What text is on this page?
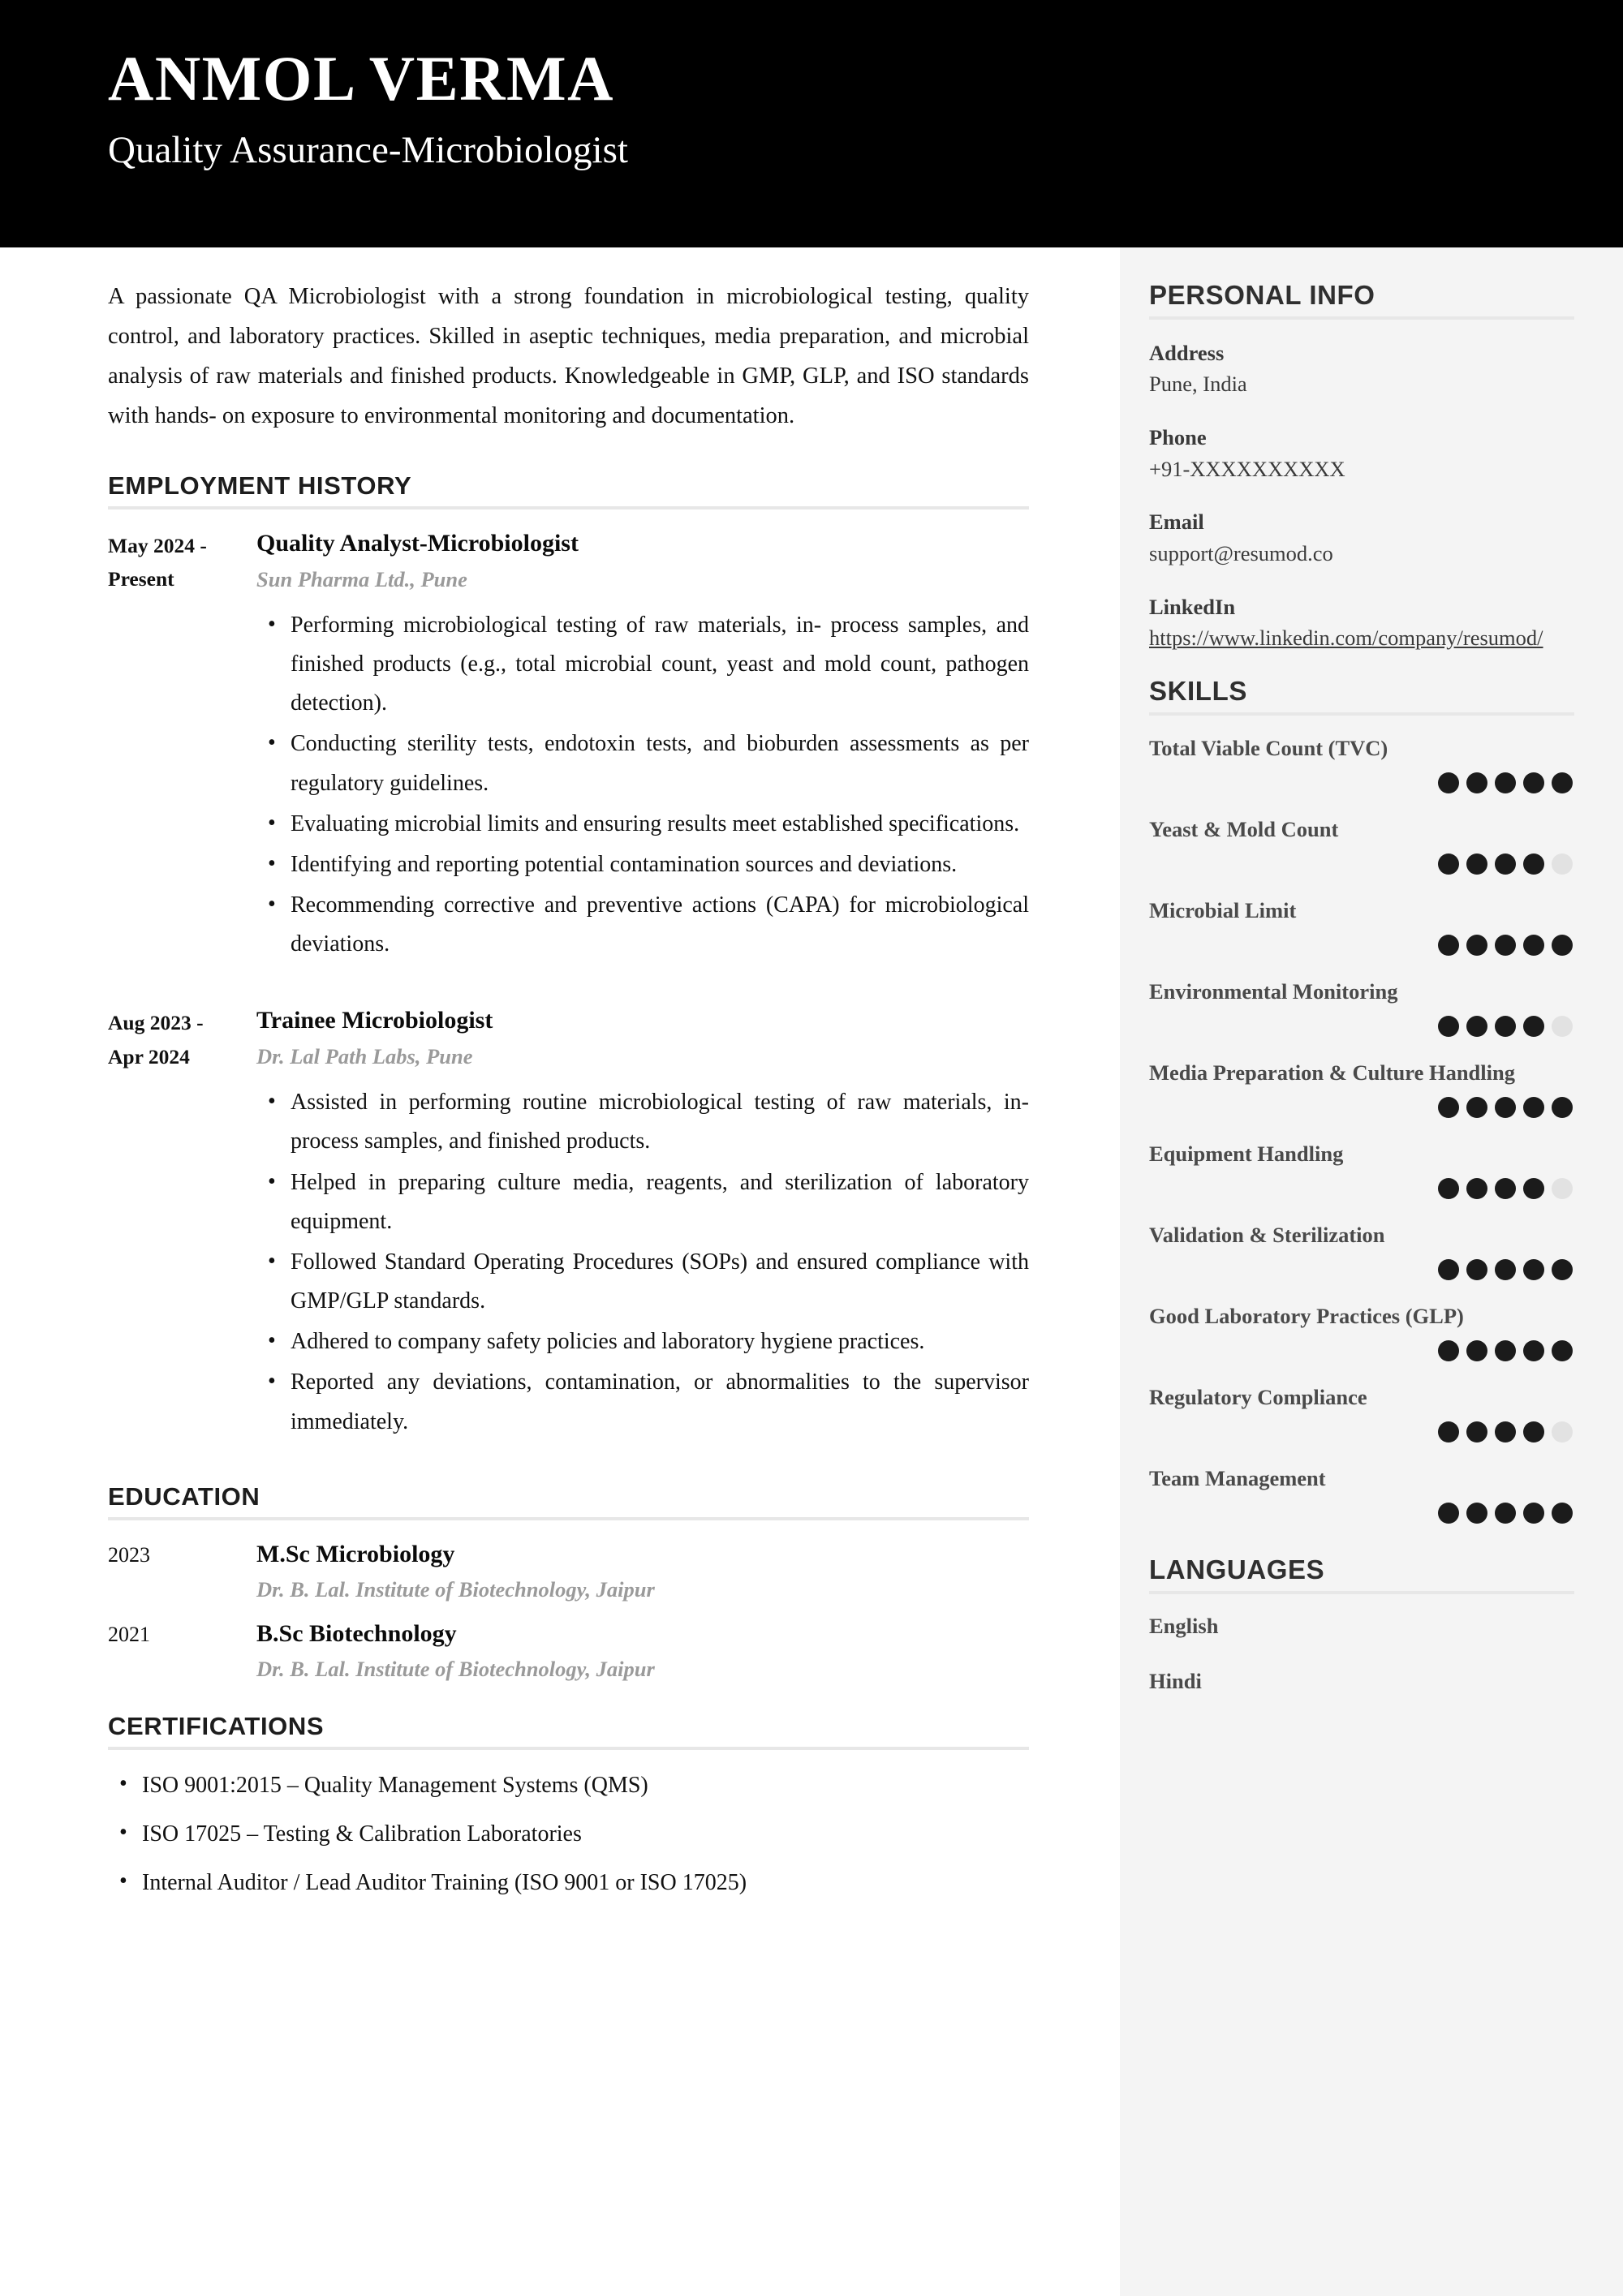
ANMOL VERMA
Quality Assurance-Microbiologist
A passionate QA Microbiologist with a strong foundation in microbiological testing, quality control, and laboratory practices. Skilled in aseptic techniques, media preparation, and microbial analysis of raw materials and finished products. Knowledgeable in GMP, GLP, and ISO standards with hands- on exposure to environmental monitoring and documentation.
EMPLOYMENT HISTORY
May 2024 -
Present
Quality Analyst-Microbiologist
Sun Pharma Ltd., Pune
• Performing microbiological testing of raw materials, in- process samples, and finished products (e.g., total microbial count, yeast and mold count, pathogen detection).
• Conducting sterility tests, endotoxin tests, and bioburden assessments as per regulatory guidelines.
• Evaluating microbial limits and ensuring results meet established specifications.
• Identifying and reporting potential contamination sources and deviations.
• Recommending corrective and preventive actions (CAPA) for microbiological deviations.
Aug 2023 -
Apr 2024
Trainee Microbiologist
Dr. Lal Path Labs, Pune
• Assisted in performing routine microbiological testing of raw materials, in-process samples, and finished products.
• Helped in preparing culture media, reagents, and sterilization of laboratory equipment.
• Followed Standard Operating Procedures (SOPs) and ensured compliance with GMP/GLP standards.
• Adhered to company safety policies and laboratory hygiene practices.
• Reported any deviations, contamination, or abnormalities to the supervisor immediately.
EDUCATION
2023	M.Sc Microbiology
Dr. B. Lal. Institute of Biotechnology, Jaipur
2021	B.Sc Biotechnology
Dr. B. Lal. Institute of Biotechnology, Jaipur
CERTIFICATIONS
• ISO 9001:2015 – Quality Management Systems (QMS)
• ISO 17025 – Testing & Calibration Laboratories
• Internal Auditor / Lead Auditor Training (ISO 9001 or ISO 17025)
PERSONAL INFO
Address
Pune, India
Phone
+91-XXXXXXXXXX
Email
support@resumod.co
LinkedIn
https://www.linkedin.com/company/resumod/
SKILLS
Total Viable Count (TVC)
Yeast & Mold Count
Microbial Limit
Environmental Monitoring
Media Preparation & Culture Handling
Equipment Handling
Validation & Sterilization
Good Laboratory Practices (GLP)
Regulatory Compliance
Team Management
LANGUAGES
English
Hindi
